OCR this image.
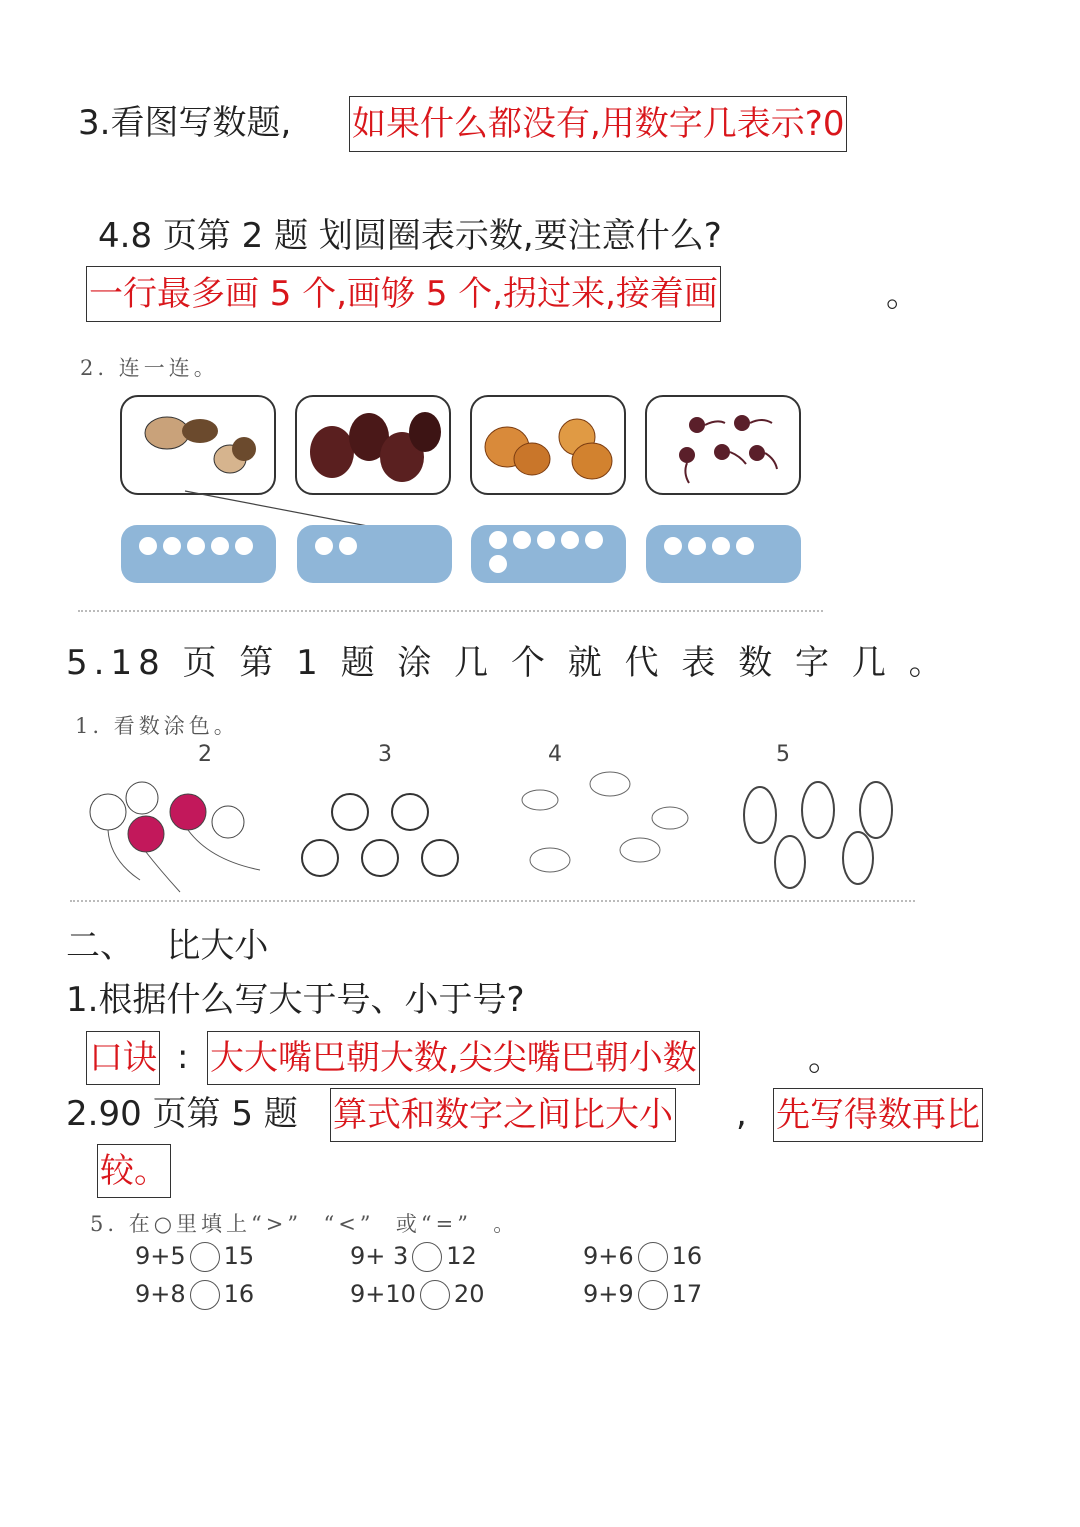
3.看图写数题, 如果什么都没有,用数字几表示?0
4.8 页第 2 题 划圆圈表示数,要注意什么?
一行最多画 5 个,画够 5 个,拐过来,接着画	。
2. 连一连。
5.18 页 第 1 题 涂 几 个 就 代 表 数 字 几 。
1. 看数涂色。
2	3	4	5
二、   比大小
1.根据什么写大于号、小于号?
口诀 : 大大嘴巴朝大数,尖尖嘴巴朝小数	。
2.90 页第 5 题 算式和数字之间比大小 , 先写得数再比
较。
5. 在○里填上“>”  “<”  或“=”  。
9+5 15	9+ 3 12	9+6 16
9+8 16	9+10 20	9+9 17
